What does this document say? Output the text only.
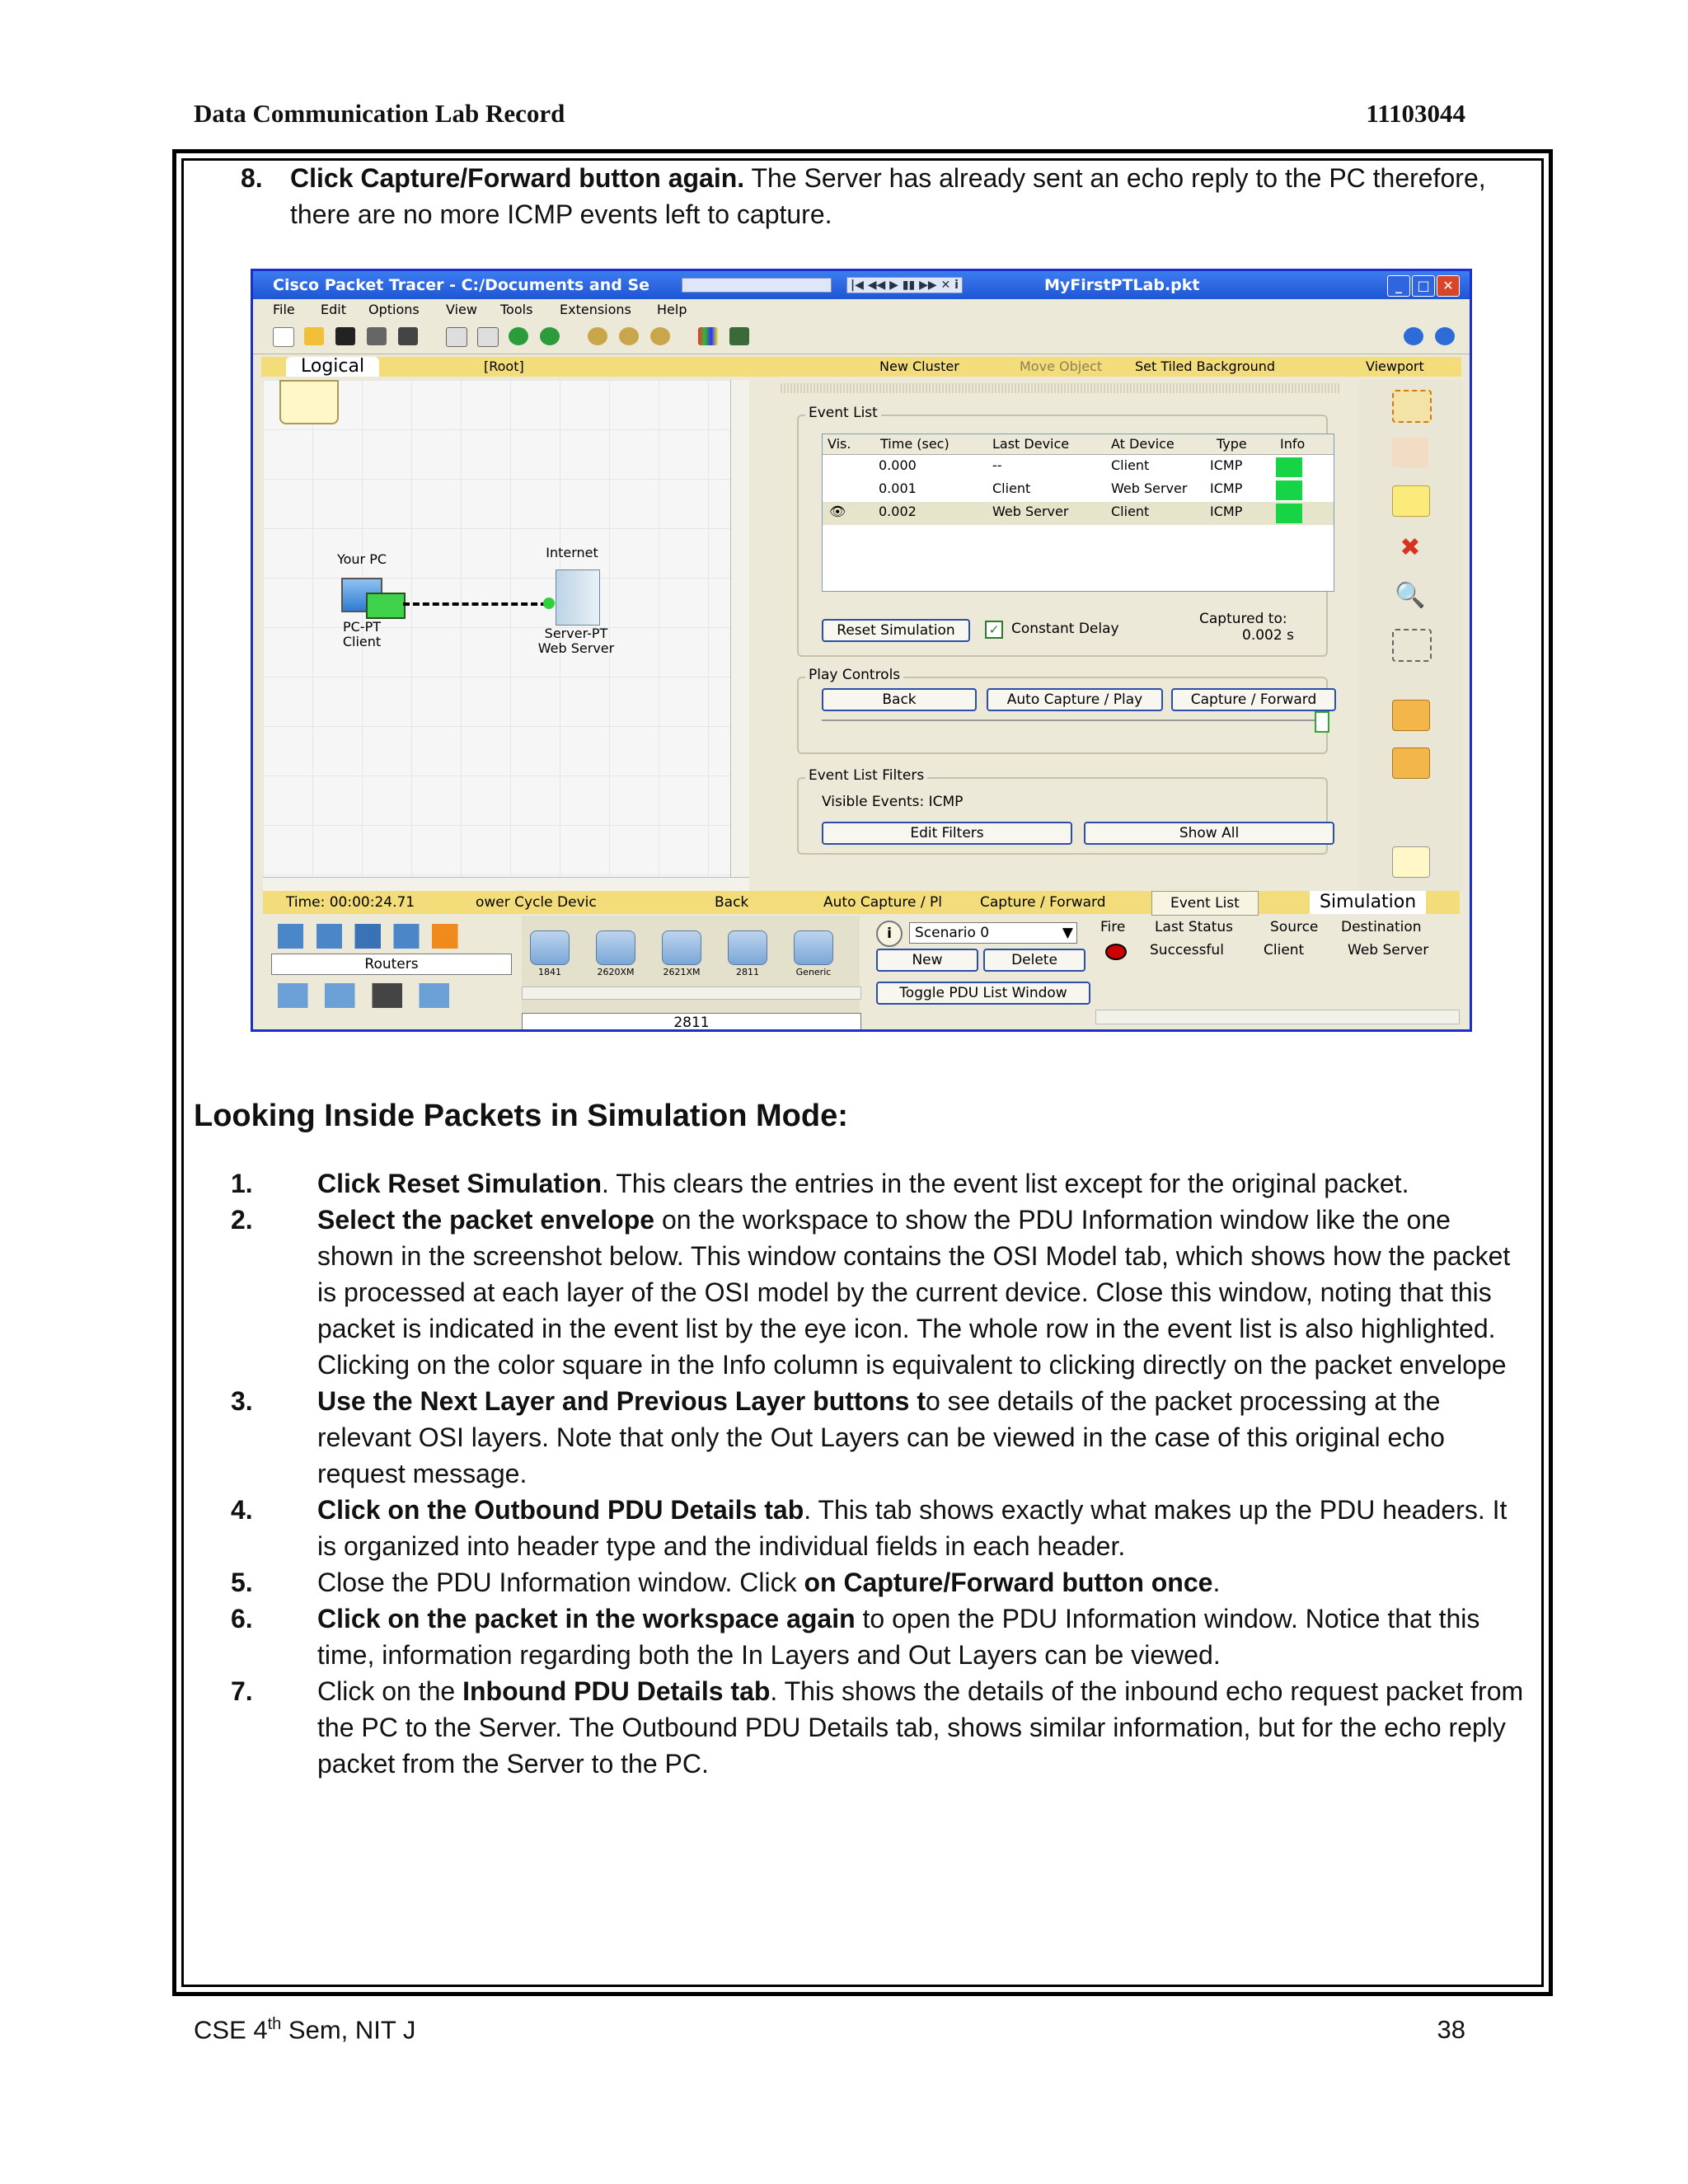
Data Communication Lab Record	11103044
8. Click Capture/Forward button again. The Server has already sent an echo reply to the PC therefore, there are no more ICMP events left to capture.
Cisco Packet Tracer - C:/Documents and Se	|◀ ◀◀ ▶ ▮▮ ▶▶ ✕ i	MyFirstPTLab.pkt	_	□ ✕
File Edit Options View Tools Extensions Help
Logical	[Root]	New Cluster	Move Object Set Tiled Background	Viewport
Your PC
PC-PT
Client
Internet
Server-PT
Web Server
Event List
Vis. Time (sec)	Last Device	At Device	Type	Info
0.000	--	Client	ICMP
0.001	Client	Web Server ICMP
👁 0.002	Web Server	Client	ICMP
Reset Simulation	✓ Constant Delay
Captured to:
0.002 s
Play Controls
Back	Auto Capture / Play	Capture / Forward
Event List Filters
Visible Events: ICMP
Edit Filters	Show All
✖
🔍
Time: 00:00:24.71	ower Cycle Devic	Back	Auto Capture / Pl	Capture / Forward	Event List	Simulation
Routers	1841	2620XM	2621XM	2811	Generic
2811
i	Scenario 0	▼
New	Delete
Toggle PDU List Window
Fire Last Status	Source Destination
Successful	Client	Web Server
Looking Inside Packets in Simulation Mode:
1. Click Reset Simulation. This clears the entries in the event list except for the original packet.
2. Select the packet envelope on the workspace to show the PDU Information window like the one shown in the screenshot below. This window contains the OSI Model tab, which shows how the packet is processed at each layer of the OSI model by the current device. Close this window, noting that this packet is indicated in the event list by the eye icon. The whole row in the event list is also highlighted. Clicking on the color square in the Info column is equivalent to clicking directly on the packet envelope
3. Use the Next Layer and Previous Layer buttons to see details of the packet processing at the relevant OSI layers. Note that only the Out Layers can be viewed in the case of this original echo request message.
4. Click on the Outbound PDU Details tab. This tab shows exactly what makes up the PDU headers. It is organized into header type and the individual fields in each header.
5. Close the PDU Information window. Click on Capture/Forward button once.
6. Click on the packet in the workspace again to open the PDU Information window. Notice that this time, information regarding both the In Layers and Out Layers can be viewed.
7. Click on the Inbound PDU Details tab. This shows the details of the inbound echo request packet from the PC to the Server. The Outbound PDU Details tab, shows similar information, but for the echo reply packet from the Server to the PC.
CSE 4th Sem, NIT J	38
